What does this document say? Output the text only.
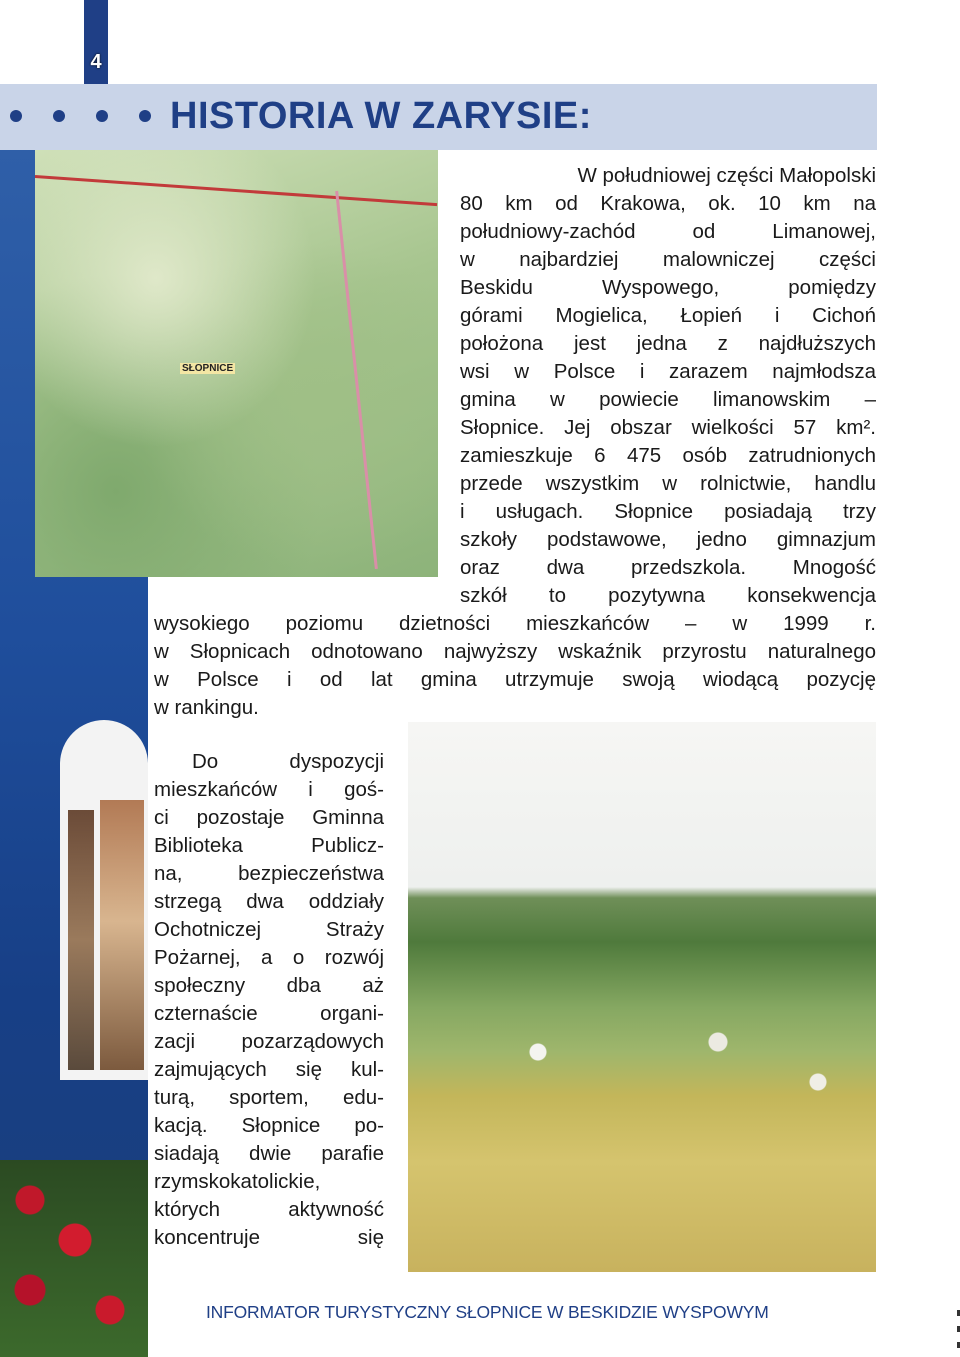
4
HISTORIA W ZARYSIE:
SŁOPNICE
W południowej części Małopolski
80 km od Krakowa, ok. 10 km na
południowy-zachód od Limanowej,
w najbardziej malowniczej części
Beskidu Wyspowego, pomiędzy
górami Mogielica, Łopień i Cichoń
położona jest jedna z najdłuższych
wsi w Polsce i zarazem najmłodsza
gmina w powiecie limanowskim –
Słopnice. Jej obszar wielkości 57 km².
zamieszkuje 6 475 osób zatrudnionych
przede wszystkim w rolnictwie, handlu
i usługach. Słopnice posiadają trzy
szkoły podstawowe, jedno gimnazjum
oraz dwa przedszkola. Mnogość
szkół to pozytywna konsekwencja
wysokiego poziomu dzietności mieszkańców – w 1999 r.
w Słopnicach odnotowano najwyższy wskaźnik przyrostu naturalnego
w Polsce i od lat gmina utrzymuje swoją wiodącą pozycję
w rankingu.
Do dyspozycji
mieszkańców i goś-
ci pozostaje Gminna
Biblioteka Publicz-
na, bezpieczeństwa
strzegą dwa oddziały
Ochotniczej Straży
Pożarnej, a o rozwój
społeczny dba aż
czternaście organi-
zacji pozarządowych
zajmujących się kul-
turą, sportem, edu-
kacją. Słopnice po-
siadają dwie parafie
rzymskokatolickie,
których aktywność
koncentruje się
INFORMATOR TURYSTYCZNY SŁOPNICE W BESKIDZIE WYSPOWYM
